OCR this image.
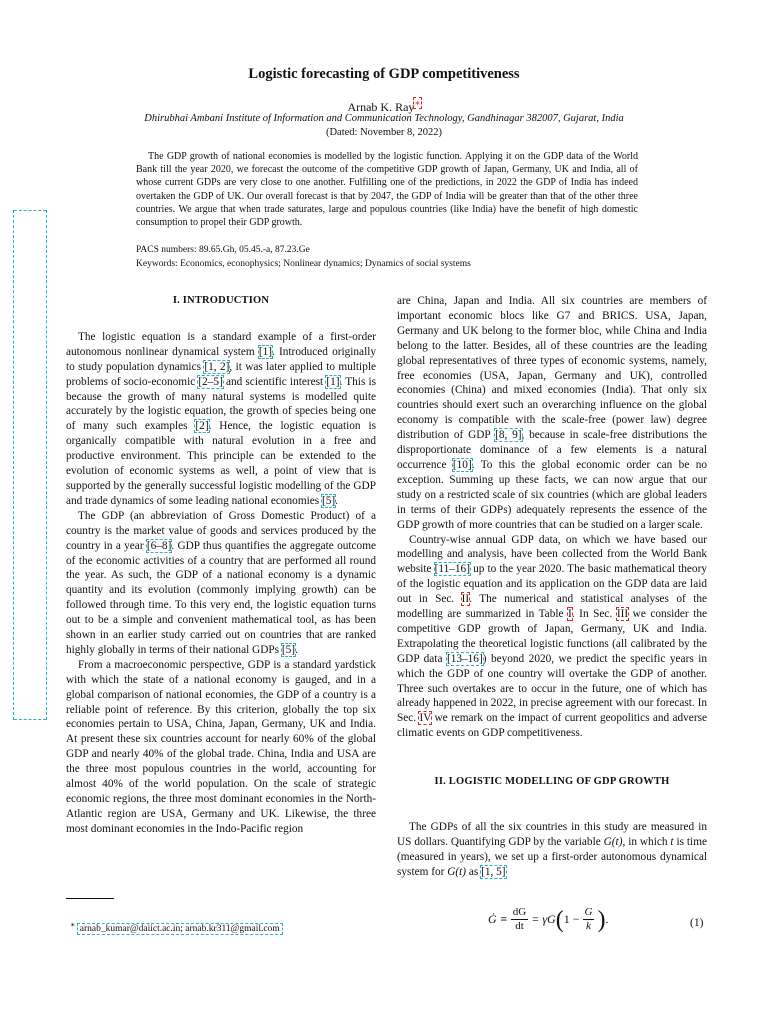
Logistic forecasting of GDP competitiveness
Arnab K. Ray∗
Dhirubhai Ambani Institute of Information and Communication Technology, Gandhinagar 382007, Gujarat, India
(Dated: November 8, 2022)

The GDP growth of national economies is modelled by the logistic function. Applying it on the GDP data of the World Bank till the year 2020, we forecast the outcome of the competitive GDP growth of Japan, Germany, UK and India, all of whose current GDPs are very close to one another. Fulfilling one of the predictions, in 2022 the GDP of India has indeed overtaken the GDP of UK. Our overall forecast is that by 2047, the GDP of India will be greater than that of the other three countries. We argue that when trade saturates, large and populous countries (like India) have the benefit of high domestic consumption to propel their GDP growth.

PACS numbers: 89.65.Gh, 05.45.-a, 87.23.Ge
Keywords: Economics, econophysics; Nonlinear dynamics; Dynamics of social systems

I. INTRODUCTION

The logistic equation is a standard example of a first-order autonomous nonlinear dynamical system [1]. Introduced originally to study population dynamics [1, 2], it was later applied to multiple problems of socio-economic [2–5] and scientific interest [1]. This is because the growth of many natural systems is modelled quite accurately by the logistic equation, the growth of species being one of many such examples [2]. Hence, the logistic equation is organically compatible with natural evolution in a free and productive environment. This principle can be extended to the evolution of economic systems as well, a point of view that is supported by the generally successful logistic modelling of the GDP and trade dynamics of some leading national economies [5].

The GDP (an abbreviation of Gross Domestic Product) of a country is the market value of goods and services produced by the country in a year [6–8]. GDP thus quantifies the aggregate outcome of the economic activities of a country that are performed all round the year. As such, the GDP of a national economy is a dynamic quantity and its evolution (commonly implying growth) can be followed through time. To this very end, the logistic equation turns out to be a simple and convenient mathematical tool, as has been shown in an earlier study carried out on countries that are ranked highly globally in terms of their national GDPs [5].

From a macroeconomic perspective, GDP is a standard yardstick with which the state of a national economy is gauged, and in a global comparison of national economies, the GDP of a country is a reliable point of reference. By this criterion, globally the top six economies pertain to USA, China, Japan, Germany, UK and India. At present these six countries account for nearly 60% of the global GDP and nearly 40% of the global trade. China, India and USA are the three most populous countries in the world, accounting for almost 40% of the world population. On the scale of strategic economic regions, the three most dominant economies in the North-Atlantic region are USA, Germany and UK. Likewise, the three most dominant economies in the Indo-Pacific region

are China, Japan and India. All six countries are members of important economic blocs like G7 and BRICS. USA, Japan, Germany and UK belong to the former bloc, while China and India belong to the latter. Besides, all of these countries are the leading global representatives of three types of economic systems, namely, free economies (USA, Japan, Germany and UK), controlled economies (China) and mixed economies (India). That only six countries should exert such an overarching influence on the global economy is compatible with the scale-free (power law) degree distribution of GDP [8, 9], because in scale-free distributions the disproportionate dominance of a few elements is a natural occurrence [10]. To this the global economic order can be no exception. Summing up these facts, we can now argue that our study on a restricted scale of six countries (which are global leaders in terms of their GDPs) adequately represents the essence of the GDP growth of more countries that can be studied on a larger scale.

Country-wise annual GDP data, on which we have based our modelling and analysis, have been collected from the World Bank website [11–16] up to the year 2020. The basic mathematical theory of the logistic equation and its application on the GDP data are laid out in Sec. II. The numerical and statistical analyses of the modelling are summarized in Table I. In Sec. III we consider the competitive GDP growth of Japan, Germany, UK and India. Extrapolating the theoretical logistic functions (all calibrated by the GDP data [13–16]) beyond 2020, we predict the specific years in which the GDP of one country will overtake the GDP of another. Three such overtakes are to occur in the future, one of which has already happened in 2022, in precise agreement with our forecast. In Sec. IV we remark on the impact of current geopolitics and adverse climatic events on GDP competitiveness.

II. LOGISTIC MODELLING OF GDP GROWTH

The GDPs of all the six countries in this study are measured in US dollars. Quantifying GDP by the variable G(t), in which t is time (measured in years), we set up a first-order autonomous dynamical system for G(t) as [1, 5]

∗ arnab_kumar@daiict.ac.in; arnab.kr311@gmail.com
Ġ ≡ $\frac{dG}{dt} = \gamma G$ ( $1 - \frac{G}{k}$ ) .	(1)
